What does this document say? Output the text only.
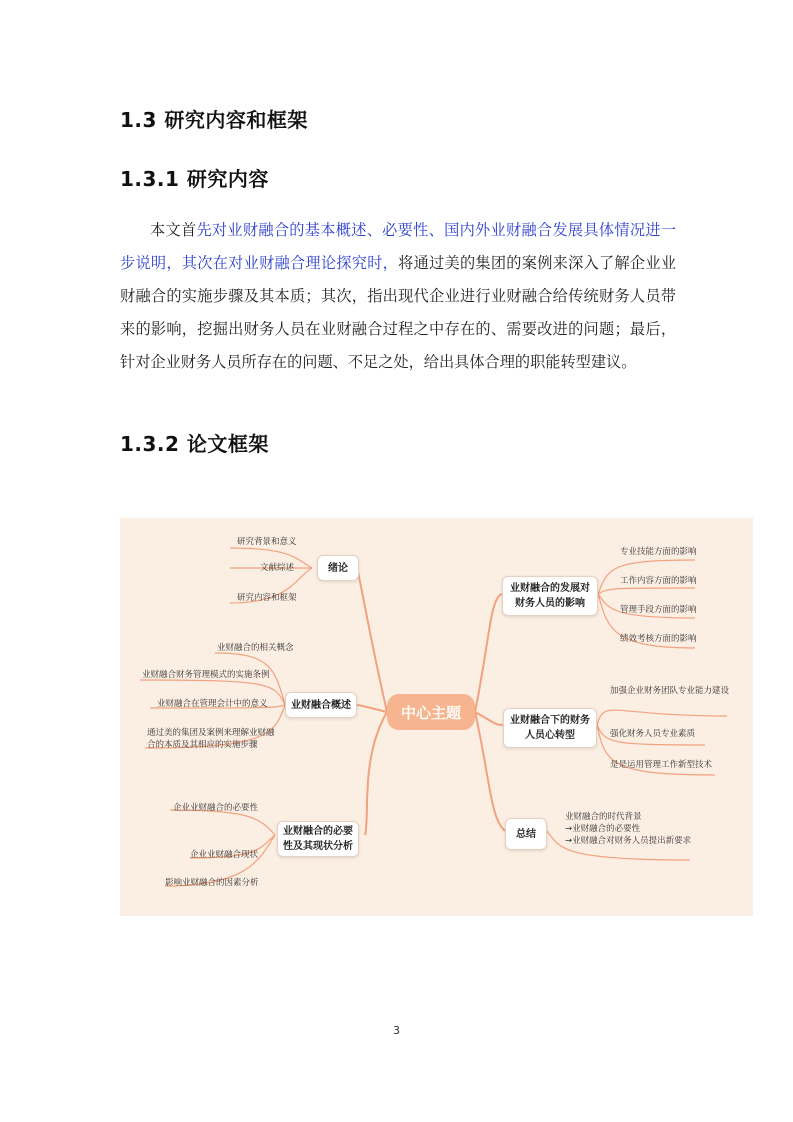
1.3 研究内容和框架
1.3.1 研究内容

本文首先对业财融合的基本概述、必要性、国内外业财融合发展具体情况进一步说明，其次在对业财融合理论探究时，将通过美的集团的案例来深入了解企业业财融合的实施步骤及其本质；其次，指出现代企业进行业财融合给传统财务人员带来的影响，挖掘出财务人员在业财融合过程之中存在的、需要改进的问题；最后，针对企业财务人员所存在的问题、不足之处，给出具体合理的职能转型建议。

1.3.2 论文框架
中心主题
绪论
研究背景和意义
文献综述
研究内容和框架
业财融合概述
业财融合的相关概念
业财融合财务管理模式的实施条例
业财融合在管理会计中的意义
通过美的集团及案例来理解业财融合的本质及其相应的实施步骤
业财融合的必要性及其现状分析
企业业财融合的必要性
企业业财融合现状
影响业财融合的因素分析
业财融合的发展对财务人员的影响
专业技能方面的影响
工作内容方面的影响
管理手段方面的影响
绩效考核方面的影响
业财融合下的财务人员心转型
加强企业财务团队专业能力建设
强化财务人员专业素质
是是运用管理工作新型技术
总结
业财融合的时代背景
→业财融合的必要性
→业财融合对财务人员提出新要求
3
